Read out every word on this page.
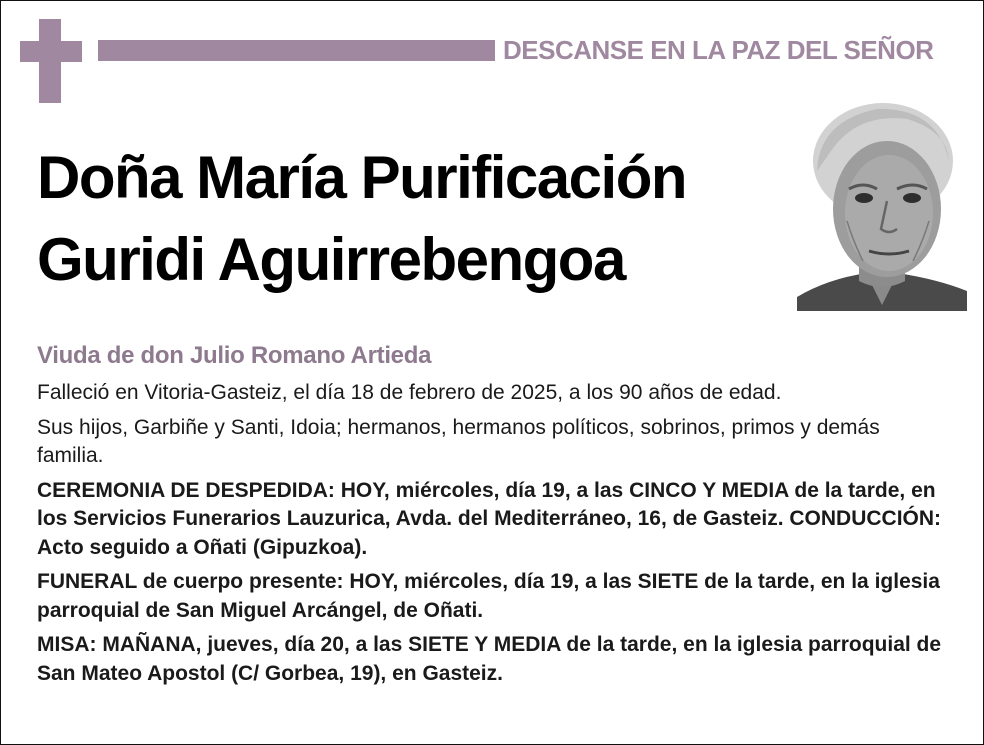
DESCANSE EN LA PAZ DEL SEÑOR
Doña María Purificación
Guridi Aguirrebengoa
Viuda de don Julio Romano Artieda

Falleció en Vitoria-Gasteiz, el día 18 de febrero de 2025, a los 90 años de edad.

Sus hijos, Garbiñe y Santi, Idoia; hermanos, hermanos políticos, sobrinos, primos y demás familia.

CEREMONIA DE DESPEDIDA: HOY, miércoles, día 19, a las CINCO Y MEDIA de la tarde, en los Servicios Funerarios Lauzurica, Avda. del Mediterráneo, 16, de Gasteiz. CONDUCCIÓN: Acto seguido a Oñati (Gipuzkoa).

FUNERAL de cuerpo presente: HOY, miércoles, día 19, a las SIETE de la tarde, en la iglesia parroquial de San Miguel Arcángel, de Oñati.

MISA: MAÑANA, jueves, día 20, a las SIETE Y MEDIA de la tarde, en la iglesia parroquial de San Mateo Apostol (C/ Gorbea, 19), en Gasteiz.
